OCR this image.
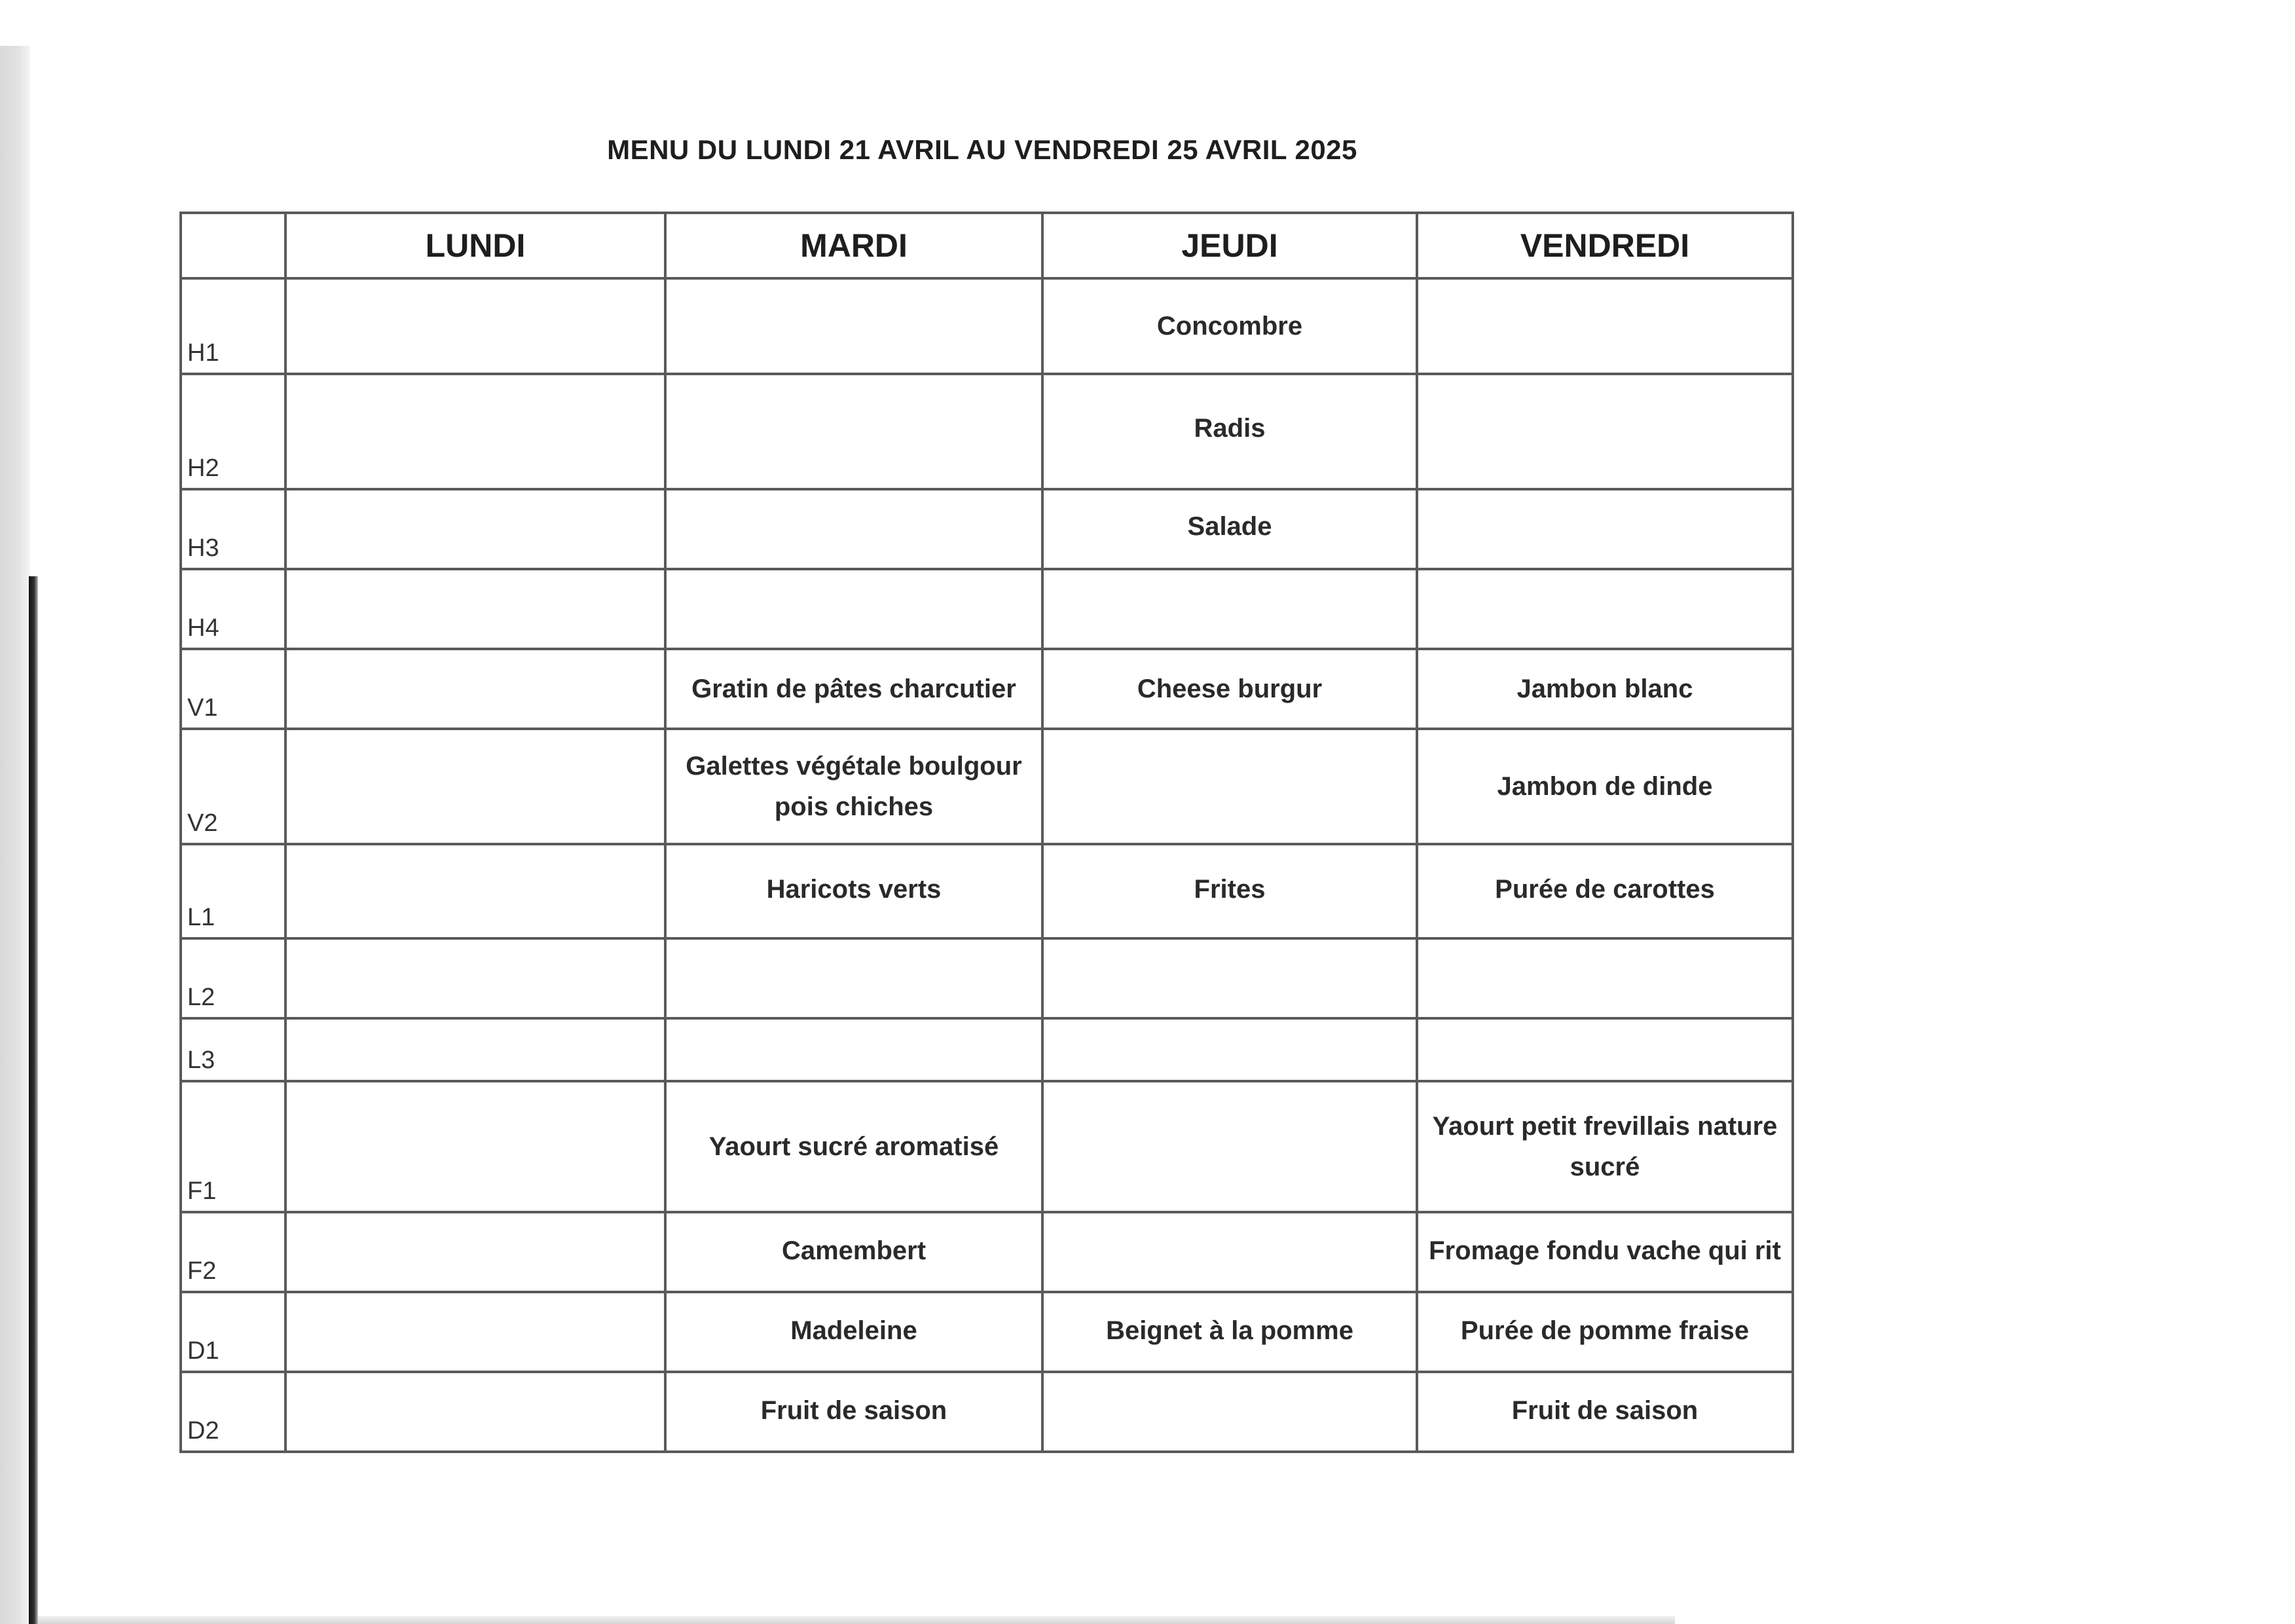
MENU DU LUNDI 21 AVRIL AU VENDREDI 25 AVRIL 2025
	LUNDI	MARDI	JEUDI	VENDREDI
H1			Concombre	
H2			Radis	
H3			Salade	
H4				
V1		Gratin de pâtes charcutier	Cheese burgur	Jambon blanc
V2		Galettes végétale boulgour pois chiches		Jambon de dinde
L1		Haricots verts	Frites	Purée de carottes
L2				
L3				
F1		Yaourt sucré aromatisé		Yaourt petit frevillais nature sucré
F2		Camembert		Fromage fondu vache qui rit
D1		Madeleine	Beignet à la pomme	Purée de pomme fraise
D2		Fruit de saison		Fruit de saison
